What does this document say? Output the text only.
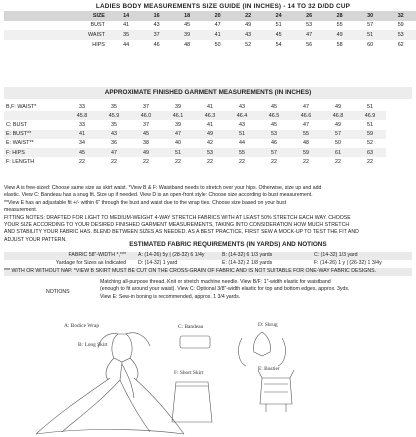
LADIES BODY MEASUREMENTS SIZE GUIDE (IN INCHES) - 14 TO 32 D/DD CUP
SIZE	14	16	18	20	22	24	26	28	30	32
BUST	41	43	45	47	49	51	53	55	57	59
WAIST	35	37	39	41	43	45	47	49	51	53
HIPS	44	46	48	50	52	54	56	58	60	62
APPROXIMATE FINISHED GARMENT MEASUREMENTS (IN INCHES)
B,F: WAIST*	33	35	37	39	41	43	45	47	49	51
	45.8	45.9	46.0	46.1	46.3	46.4	46.5	46.6	46.8	46.9
C: BUST	33	35	37	39	41	43	45	47	49	51
E: BUST**	41	43	45	47	49	51	53	55	57	59
E: WAIST**	34	36	38	40	42	44	46	48	50	52
F: HIPS	45	47	49	51	53	55	57	59	61	63
F: LENGTH	22	22	22	22	22	22	22	22	22	22

View A is free-sized: Choose same size as skirt waist. *View B & F: Waistband needs to stretch over your hips. Otherwise, size up and add

elastic. View C: Bandeau has a snug fit. Size up if needed. View D is an open-front style: Choose size according to bust measurement.

**View E has an adjustable fit +/- within 6" through the bust and waist due to the wrap ties. Choose size based on your bust

measurement.

FITTING NOTES: DRAFTED FOR LIGHT TO MEDIUM-WEIGHT 4-WAY STRETCH FABRICS WITH AT LEAST 50% STRETCH EACH WAY. CHOOSE

YOUR SIZE ACCORDING TO YOUR DESIRED FINISHED GARMENT MEASUREMENTS, TAKING INTO CONSIDERATION HOW MUCH STRETCH

AND STABILITY YOUR FABRIC HAS. BLEND BETWEEN SIZES AS NEEDED. AS A BEST PRACTICE, FIRST SEW A MOCK-UP TO TEST THE FIT AND

ADJUST YOUR PATTERN.

ESTIMATED FABRIC REQUIREMENTS (IN YARDS) AND NOTIONS
FABRIC 58"-WIDTH *,***	A: (14-26) 5y | (28-32) 6 1/4y	B: (14-32) 6 1/3 yards	C: (14-32) 1/3 yard
Yardage for Sizes as Indicated	D: (14-32) 1 yard	E: (14-32) 2 1/8 yards	F: (14-26) 1 y | (26-32) 1 3/4y
*** WITH OR WITHOUT NAP. *VIEW B SKIRT MUST BE CUT ON THE CROSS-GRAIN OF FABRIC AND IS NOT SUITABLE FOR ONE-WAY FABRIC DESIGNS.
NOTIONS
Matching all-purpose thread. Knit or stretch machine needle. View B/F: 1"-width elastic for waistband
(enough to fit around your waist). View C: Optional 3/8"-width elastic for top and bottom edges, approx. 3yds.
View E: Sew-in boning is recommended, approx. 1 3/4 yards.
A: Bodice Wrap
B: Long Skirt
C: Bandeau	D: Shrug
F: Short Skirt
E: Bustier
